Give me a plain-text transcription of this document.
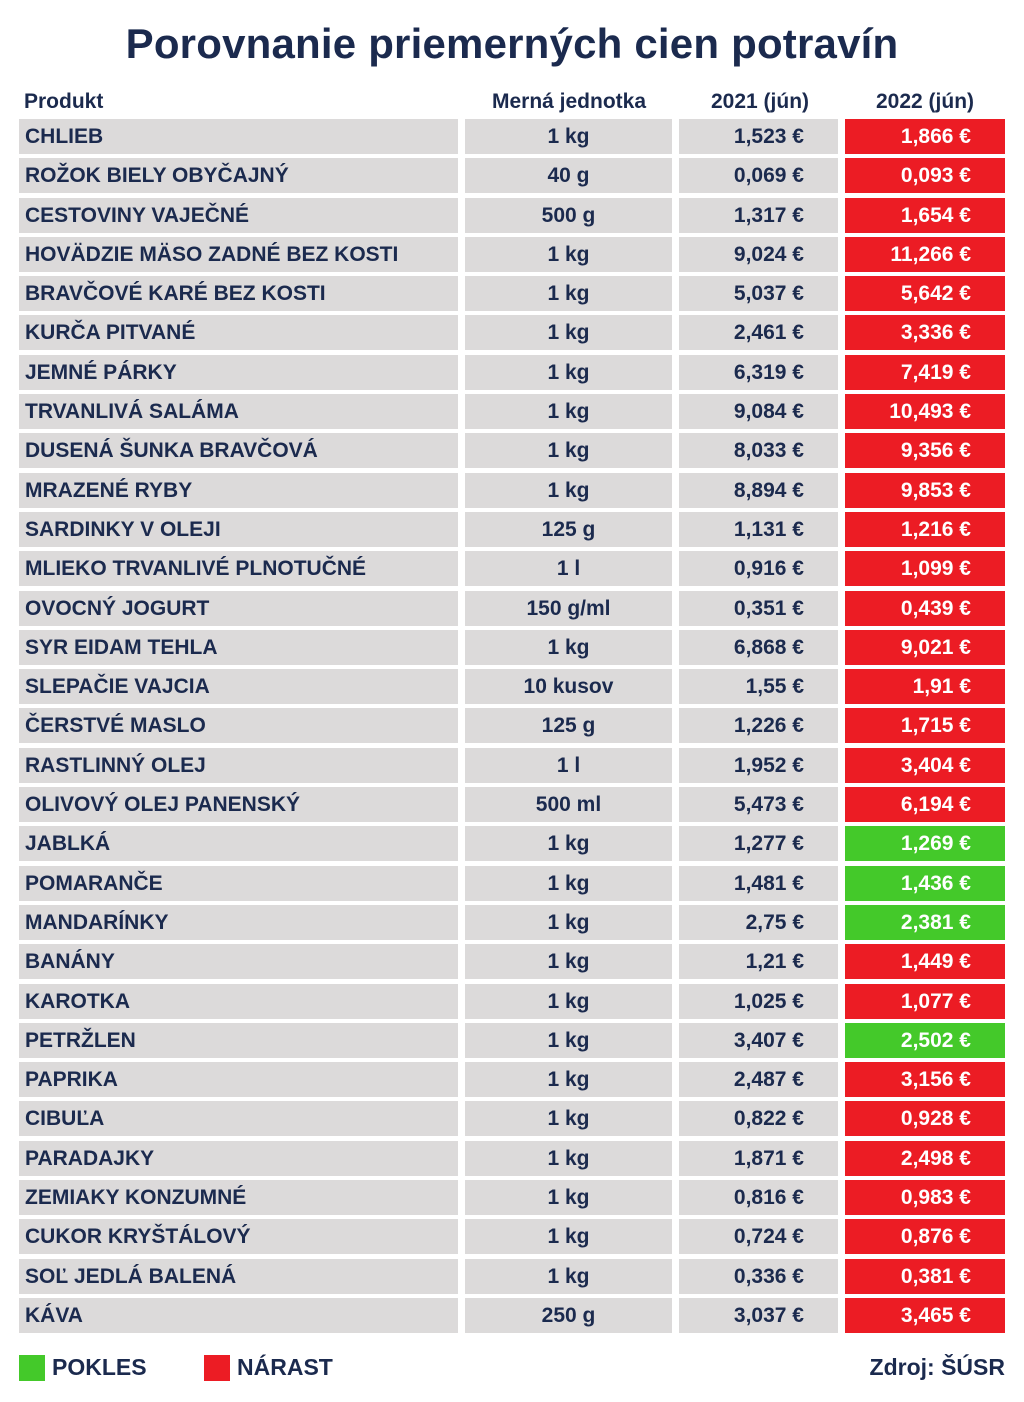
Porovnanie priemerných cien potravín
Produkt	Merná jednotka	2021 (jún)	2022 (jún)
CHLIEB	1 kg	1,523 €	1,866 €
ROŽOK BIELY OBYČAJNÝ	40 g	0,069 €	0,093 €
CESTOVINY VAJEČNÉ	500 g	1,317 €	1,654 €
HOVÄDZIE MÄSO ZADNÉ BEZ KOSTI	1 kg	9,024 €	11,266 €
BRAVČOVÉ KARÉ BEZ KOSTI	1 kg	5,037 €	5,642 €
KURČA PITVANÉ	1 kg	2,461 €	3,336 €
JEMNÉ PÁRKY	1 kg	6,319 €	7,419 €
TRVANLIVÁ SALÁMA	1 kg	9,084 €	10,493 €
DUSENÁ ŠUNKA BRAVČOVÁ	1 kg	8,033 €	9,356 €
MRAZENÉ RYBY	1 kg	8,894 €	9,853 €
SARDINKY V OLEJI	125 g	1,131 €	1,216 €
MLIEKO TRVANLIVÉ PLNOTUČNÉ	1 l	0,916 €	1,099 €
OVOCNÝ JOGURT	150 g/ml	0,351 €	0,439 €
SYR EIDAM TEHLA	1 kg	6,868 €	9,021 €
SLEPAČIE VAJCIA	10 kusov	1,55 €	1,91 €
ČERSTVÉ MASLO	125 g	1,226 €	1,715 €
RASTLINNÝ OLEJ	1 l	1,952 €	3,404 €
OLIVOVÝ OLEJ PANENSKÝ	500 ml	5,473 €	6,194 €
JABLKÁ	1 kg	1,277 €	1,269 €
POMARANČE	1 kg	1,481 €	1,436 €
MANDARÍNKY	1 kg	2,75 €	2,381 €
BANÁNY	1 kg	1,21 €	1,449 €
KAROTKA	1 kg	1,025 €	1,077 €
PETRŽLEN	1 kg	3,407 €	2,502 €
PAPRIKA	1 kg	2,487 €	3,156 €
CIBUĽA	1 kg	0,822 €	0,928 €
PARADAJKY	1 kg	1,871 €	2,498 €
ZEMIAKY KONZUMNÉ	1 kg	0,816 €	0,983 €
CUKOR KRYŠTÁLOVÝ	1 kg	0,724 €	0,876 €
SOĽ JEDLÁ BALENÁ	1 kg	0,336 €	0,381 €
KÁVA	250 g	3,037 €	3,465 €
POKLES	NÁRAST	Zdroj: ŠÚSR
